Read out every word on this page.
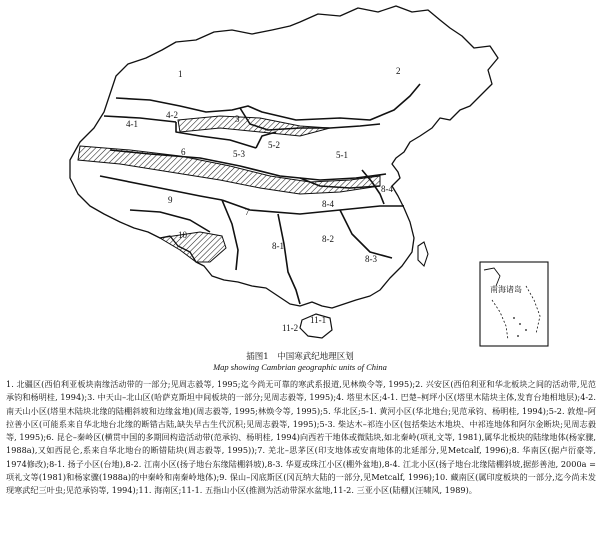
南海诸岛
1	2
3
4-1
4-2
5-1
5-2
5-3
6
7
8-1
8-2
8-3
8-4
8-4
9
10
11-1
11-2
插图1　中国寒武纪地理区划
Map showing Cambrian geographic units of China
1. 北疆区(西伯利亚板块南缘活动带的一部分;见周志毅等, 1995;迄今尚无可靠的寒武系报道,见林焕令等, 1995);2. 兴安区(西伯利亚和华北板块之间的活动带,见范承钧和杨明桂, 1994);3. 中天山–北山区(哈萨克斯坦中间板块的一部分;见周志毅等, 1995);4. 塔里木区;4-1. 巴楚–柯坪小区(塔里木陆块主体,发育台地相地层);4-2. 南天山小区(塔里木陆块北缘的陆棚斜坡和边缘盆地)(周志毅等, 1995;林焕令等, 1995);5. 华北区;5-1. 黄河小区(华北地台;见范承钧、杨明桂, 1994);5-2. 敦煌–阿拉善小区(可能系来自华北地台北缘的断错古陆,缺失早古生代沉积;见周志毅等, 1995);5-3. 柴达木–祁连小区(包括柴达木地块、中祁连地体和阿尔金断块;见周志毅等, 1995);6. 昆仑–秦岭区(横贯中国的多期回构造活动带(范承钧、杨明桂, 1994)向西若干地体或微陆块,如北秦岭(项礼文等, 1981),属华北板块的陆缘地体(杨家骤, 1988a),又如西昆仑,系来自华北地台的断错陆块(周志毅等, 1995));7. 羌北–思茅区(印支地体或安南地体的北延部分,见Metcalf, 1996);8. 华南区(据卢衍豪等, 1974修改);8-1. 扬子小区(台地),8-2. 江南小区(扬子地台东缘陆棚斜坡),8-3. 华夏或珠江小区(棚外盆地),8-4. 江北小区(扬子地台北缘陆棚斜坡,据彭善池, 2000a = 项礼文等(1981)和杨家骤(1988a)的中秦岭和南秦岭地体);9. 保山–冈底斯区(冈瓦纳大陆的一部分,见Metcalf, 1996);10. 藏南区(属印度板块的一部分,迄今尚未发现寒武纪三叶虫;见范承钧等, 1994);11. 海南区;11-1. 五指山小区(推测为活动带深水盆地,11-2. 三亚小区(陆棚)(汪啸风, 1989)。
